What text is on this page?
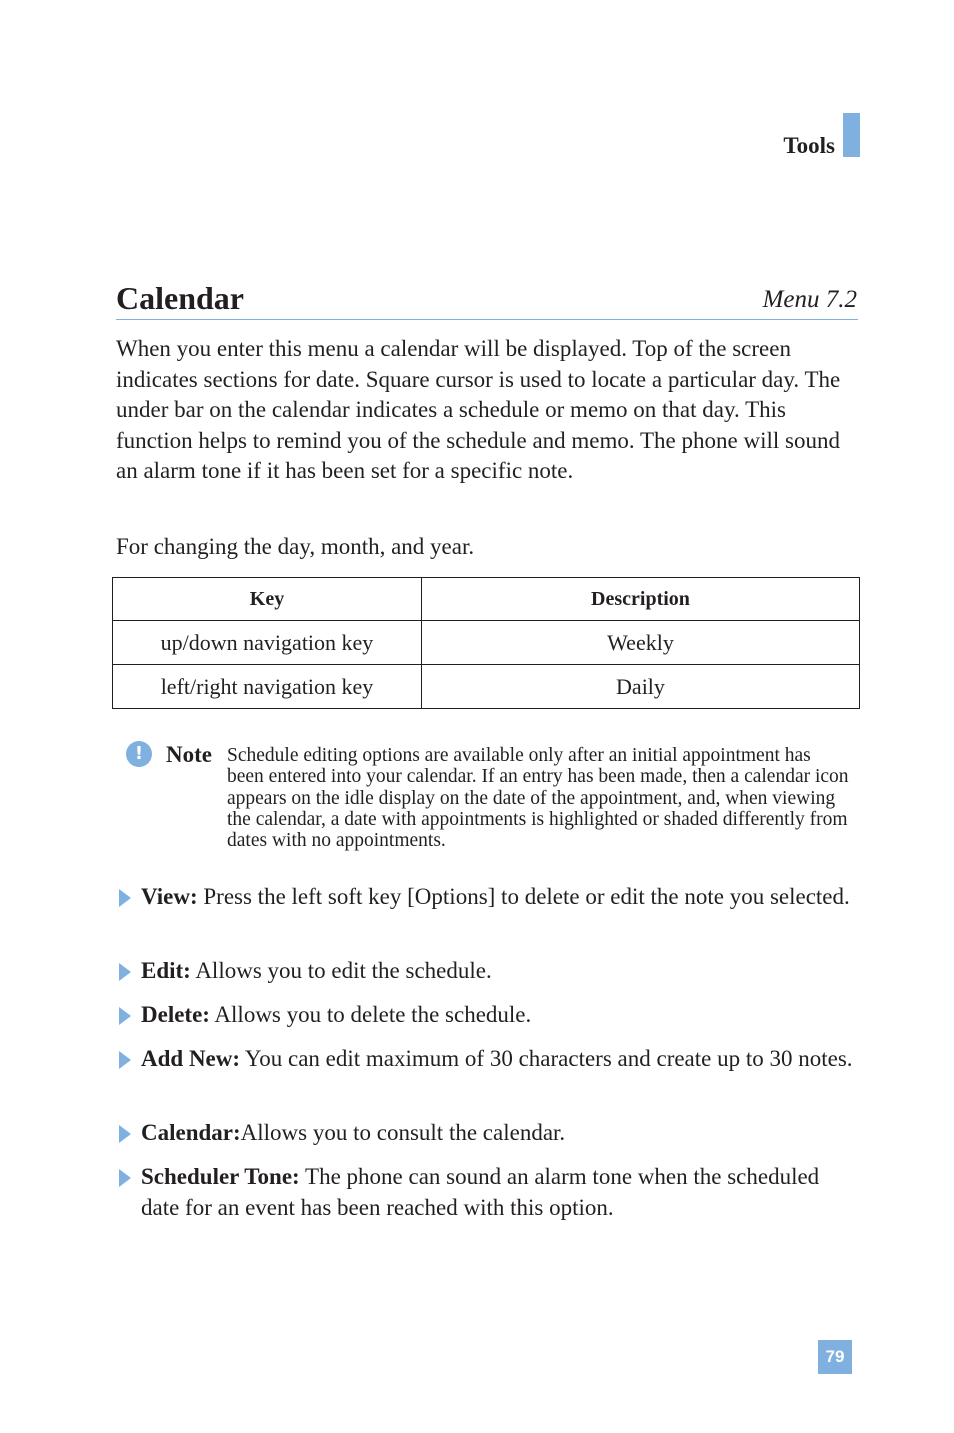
Tools
Calendar	Menu 7.2

When you enter this menu a calendar will be displayed. Top of the screen indicates sections for date. Square cursor is used to locate a particular day. The under bar on the calendar indicates a schedule or memo on that day. This function helps to remind you of the schedule and memo. The phone will sound an alarm tone if it has been set for a specific note.

For changing the day, month, and year.

Key	Description
up/down navigation key	Weekly
left/right navigation key	Daily
! Note Schedule editing options are available only after an initial appointment has been entered into your calendar. If an entry has been made, then a calendar icon appears on the idle display on the date of the appointment, and, when viewing the calendar, a date with appointments is highlighted or shaded differently from dates with no appointments.

View: Press the left soft key [Options] to delete or edit the note you selected.
Edit: Allows you to edit the schedule.
Delete: Allows you to delete the schedule.
Add New: You can edit maximum of 30 characters and create up to 30 notes.
Calendar:Allows you to consult the calendar.
Scheduler Tone: The phone can sound an alarm tone when the scheduled date for an event has been reached with this option.
79
